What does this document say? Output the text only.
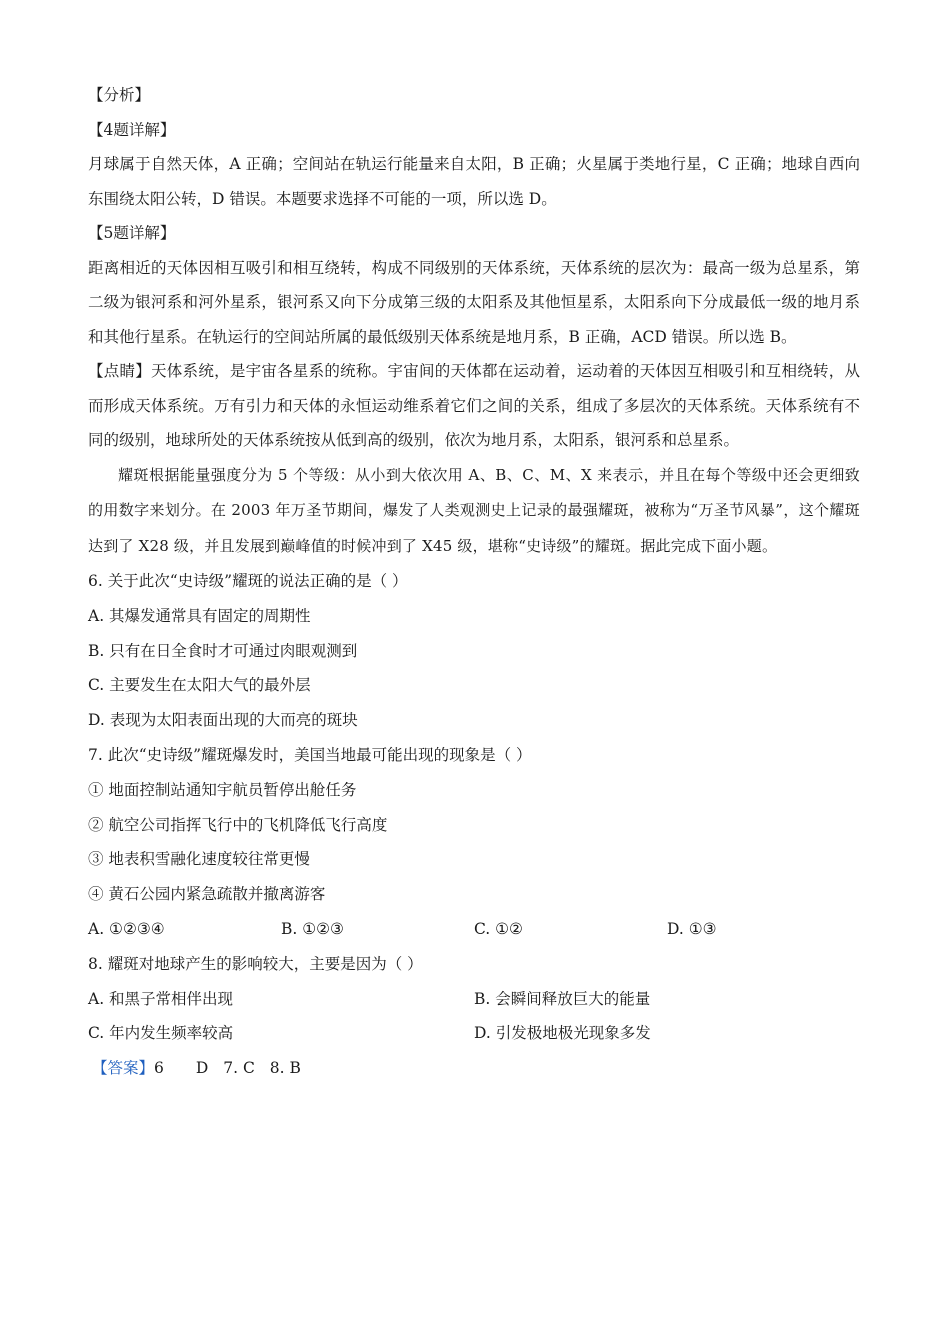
【分析】

【4题详解】

月球属于自然天体，A 正确；空间站在轨运行能量来自太阳，B 正确；火星属于类地行星，C 正确；地球自西向东围绕太阳公转，D 错误。本题要求选择不可能的一项，所以选 D。

【5题详解】

距离相近的天体因相互吸引和相互绕转，构成不同级别的天体系统，天体系统的层次为：最高一级为总星系，第二级为银河系和河外星系，银河系又向下分成第三级的太阳系及其他恒星系，太阳系向下分成最低一级的地月系和其他行星系。在轨运行的空间站所属的最低级别天体系统是地月系，B 正确，ACD 错误。所以选 B。

【点睛】天体系统，是宇宙各星系的统称。宇宙间的天体都在运动着，运动着的天体因互相吸引和互相绕转，从而形成天体系统。万有引力和天体的永恒运动维系着它们之间的关系，组成了多层次的天体系统。天体系统有不同的级别，地球所处的天体系统按从低到高的级别，依次为地月系，太阳系，银河系和总星系。

耀斑根据能量强度分为 5 个等级：从小到大依次用 A、B、C、M、X 来表示，并且在每个等级中还会更细致的用数字来划分。在 2003 年万圣节期间，爆发了人类观测史上记录的最强耀斑，被称为“万圣节风暴”，这个耀斑达到了 X28 级，并且发展到巅峰值的时候冲到了 X45 级，堪称“史诗级”的耀斑。据此完成下面小题。

6. 关于此次“史诗级”耀斑的说法正确的是（ ）

A. 其爆发通常具有固定的周期性

B. 只有在日全食时才可通过肉眼观测到

C. 主要发生在太阳大气的最外层

D. 表现为太阳表面出现的大而亮的斑块

7. 此次“史诗级”耀斑爆发时，美国当地最可能出现的现象是（ ）

① 地面控制站通知宇航员暂停出舱任务

② 航空公司指挥飞行中的飞机降低飞行高度

③ 地表积雪融化速度较往常更慢

④ 黄石公园内紧急疏散并撤离游客

A. ①②③④	B. ①②③	C. ①②	D. ①③

8. 耀斑对地球产生的影响较大，主要是因为（ ）

A. 和黑子常相伴出现	B. 会瞬间释放巨大的能量
C. 年内发生频率较高	D. 引发极地极光现象多发

【答案】6 D 7. C 8. B
